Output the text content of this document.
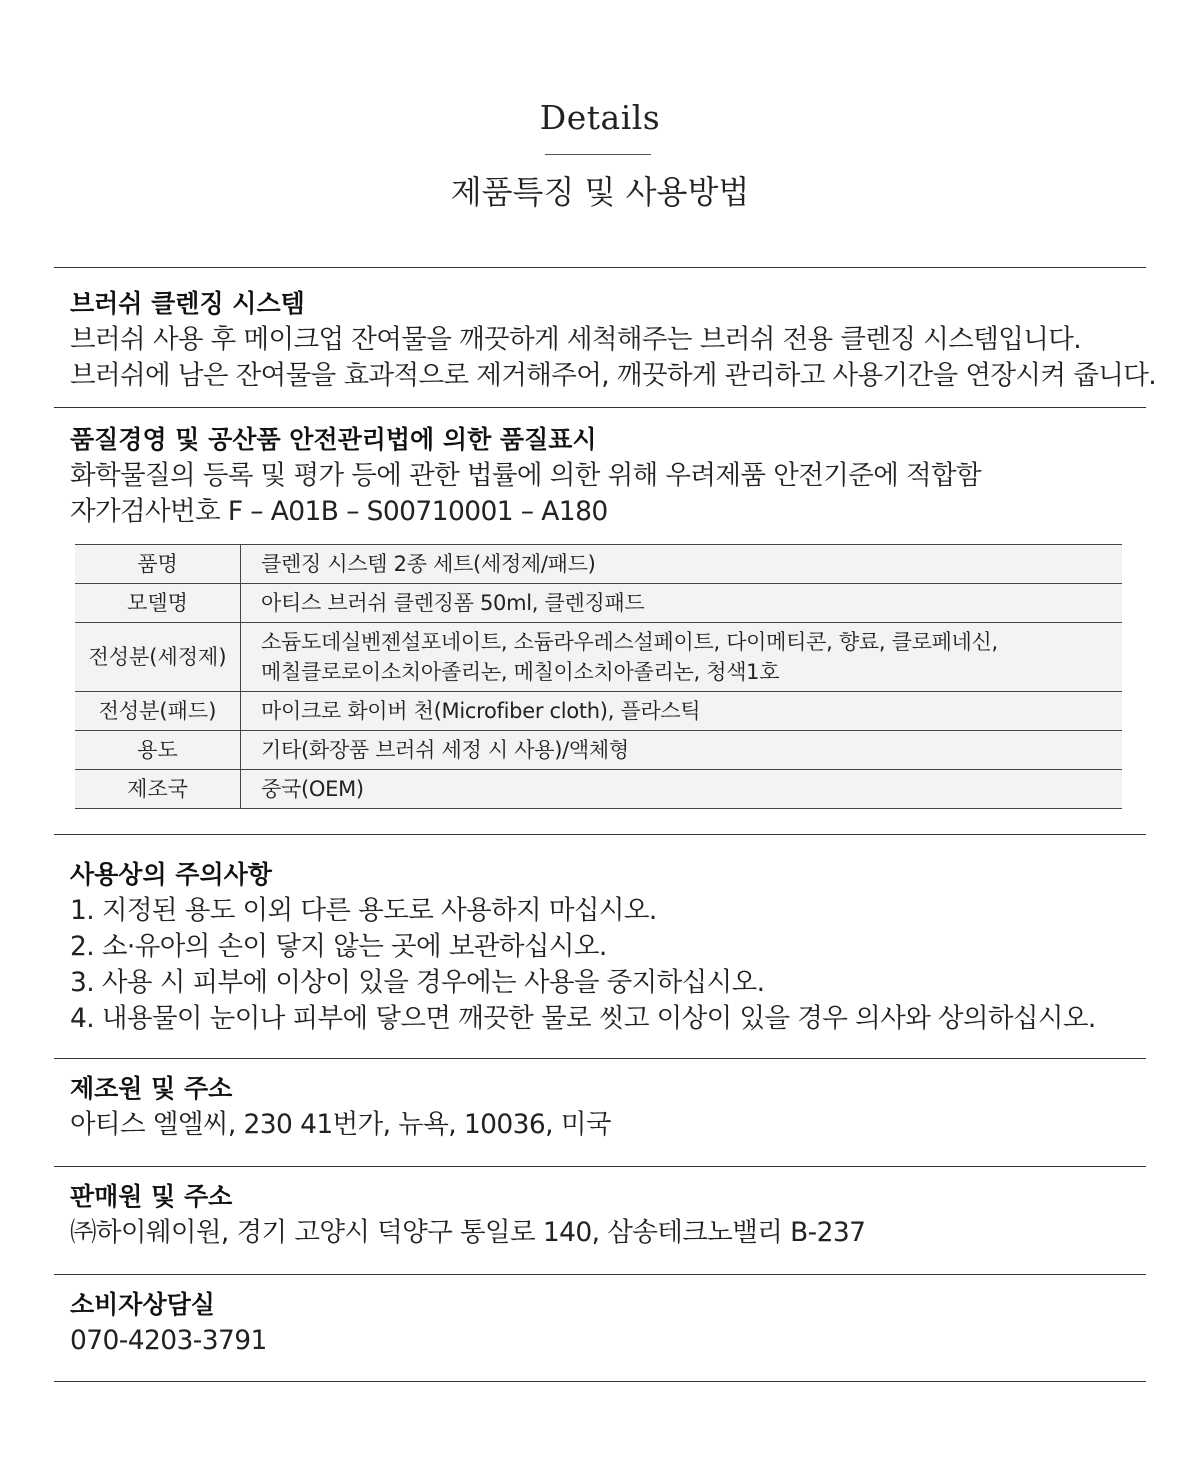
Details
제품특징 및 사용방법
브러쉬 클렌징 시스템
브러쉬 사용 후 메이크업 잔여물을 깨끗하게 세척해주는 브러쉬 전용 클렌징 시스템입니다.
브러쉬에 남은 잔여물을 효과적으로 제거해주어, 깨끗하게 관리하고 사용기간을 연장시켜 줍니다.
품질경영 및 공산품 안전관리법에 의한 품질표시
화학물질의 등록 및 평가 등에 관한 법률에 의한 위해 우려제품 안전기준에 적합함
자가검사번호 F – A01B – S00710001 – A180
품명	클렌징 시스템 2종 세트(세정제/패드)
모델명	아티스 브러쉬 클렌징폼 50ml, 클렌징패드
전성분(세정제)	소듐도데실벤젠설포네이트, 소듐라우레스설페이트, 다이메티콘, 향료, 클로페네신,
메칠클로로이소치아졸리논, 메칠이소치아졸리논, 청색1호

전성분(패드)	마이크로 화이버 천(Microfiber cloth), 플라스틱
용도	기타(화장품 브러쉬 세정 시 사용)/액체형
제조국	중국(OEM)
사용상의 주의사항
1. 지정된 용도 이외 다른 용도로 사용하지 마십시오.
2. 소·유아의 손이 닿지 않는 곳에 보관하십시오.
3. 사용 시 피부에 이상이 있을 경우에는 사용을 중지하십시오.
4. 내용물이 눈이나 피부에 닿으면 깨끗한 물로 씻고 이상이 있을 경우 의사와 상의하십시오.
제조원 및 주소
아티스 엘엘씨, 230 41번가, 뉴욕, 10036, 미국
판매원 및 주소
㈜하이웨이원, 경기 고양시 덕양구 통일로 140, 삼송테크노밸리 B-237
소비자상담실
070-4203-3791
